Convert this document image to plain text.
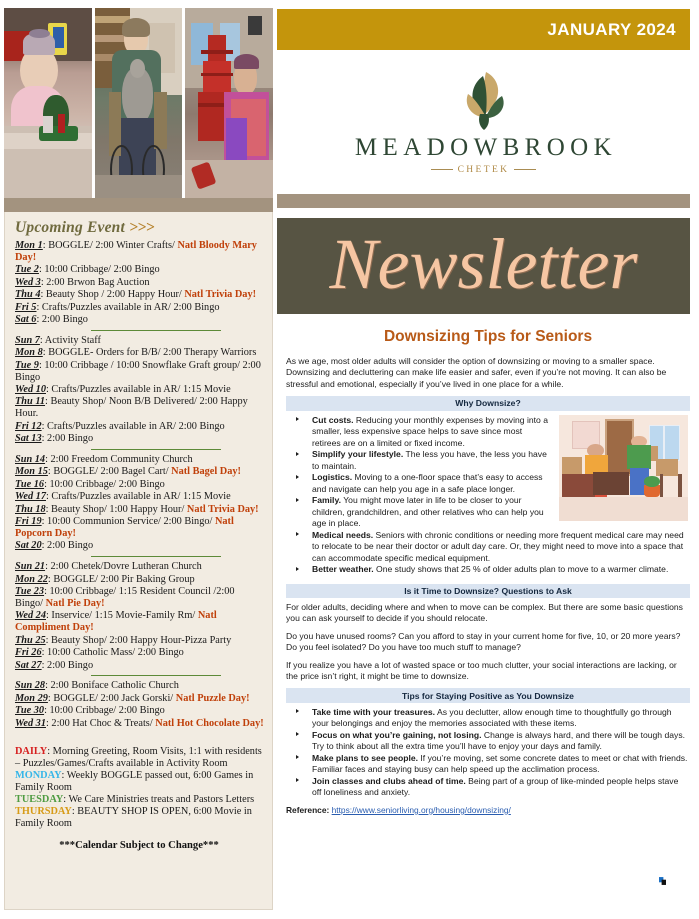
Upcoming Event >>>
Mon 1: BOGGLE/ 2:00 Winter Crafts/ Natl Bloody Mary Day!
Tue 2: 10:00 Cribbage/ 2:00 Bingo
Wed 3: 2:00 Brwon Bag Auction
Thu 4: Beauty Shop / 2:00 Happy Hour/ Natl Trivia Day!
Fri 5: Crafts/Puzzles available in AR/ 2:00 Bingo
Sat 6: 2:00 Bingo
Sun 7: Activity Staff
Mon 8: BOGGLE- Orders for B/B/ 2:00 Therapy Warriors
Tue 9: 10:00 Cribbage / 10:00 Snowflake Graft group/ 2:00 Bingo
Wed 10: Crafts/Puzzles available in AR/ 1:15 Movie
Thu 11: Beauty Shop/ Noon B/B Delivered/ 2:00 Happy Hour.
Fri 12: Crafts/Puzzles available in AR/ 2:00 Bingo
Sat 13: 2:00 Bingo
Sun 14: 2:00 Freedom Community Church
Mon 15: BOGGLE/ 2:00 Bagel Cart/ Natl Bagel Day!
Tue 16: 10:00 Cribbage/ 2:00 Bingo
Wed 17: Crafts/Puzzles available in AR/ 1:15 Movie
Thu 18: Beauty Shop/ 1:00 Happy Hour/ Natl Trivia Day!
Fri 19: 10:00 Communion Service/ 2:00 Bingo/ Natl Popcorn Day!
Sat 20: 2:00 Bingo
Sun 21: 2:00 Chetek/Dovre Lutheran Church
Mon 22: BOGGLE/ 2:00 Pir Baking Group
Tue 23: 10:00 Cribbage/ 1:15 Resident Council /2:00 Bingo/ Natl Pie Day!
Wed 24: Inservice/ 1:15 Movie-Family Rm/ Natl Compliment Day!
Thu 25: Beauty Shop/ 2:00 Happy Hour-Pizza Party
Fri 26: 10:00 Catholic Mass/ 2:00 Bingo
Sat 27: 2:00 Bingo
Sun 28: 2:00 Boniface Catholic Church
Mon 29: BOGGLE/ 2:00 Jack Gorski/ Natl Puzzle Day!
Tue 30: 10:00 Cribbage/ 2:00 Bingo
Wed 31: 2:00 Hat Choc & Treats/ Natl Hot Chocolate Day!
DAILY: Morning Greeting, Room Visits, 1:1 with residents – Puzzles/Games/Crafts available in Activity Room
MONDAY: Weekly BOGGLE passed out, 6:00 Games in Family Room
TUESDAY: We Care Ministries treats and Pastors Letters
THURSDAY: BEAUTY SHOP IS OPEN, 6:00 Movie in Family Room
***Calendar Subject to Change***
JANUARY 2024
MEADOWBROOK
CHETEK
Newsletter
Downsizing Tips for Seniors
As we age, most older adults will consider the option of downsizing or moving to a smaller space. Downsizing and decluttering can make life easier and safer, even if you’re not moving. It can also be stressful and emotional, especially if you’ve lived in one place for a while.
Why Downsize?
Cut costs. Reducing your monthly expenses by moving into a smaller, less expensive space helps to save since most retirees are on a limited or fixed income.
Simplify your lifestyle. The less you have, the less you have to maintain.
Logistics. Moving to a one-floor space that’s easy to access and navigate can help you age in a safe place longer.
Family. You might move later in life to be closer to your children, grandchildren, and other relatives who can help you age in place.
Medical needs. Seniors with chronic conditions or needing more frequent medical care may need to relocate to be near their doctor or adult day care. Or, they might need to move into a space that can accommodate specific medical equipment.
Better weather. One study shows that 25 % of older adults plan to move to a warmer climate.
Is it Time to Downsize? Questions to Ask
For older adults, deciding where and when to move can be complex. But there are some basic questions you can ask yourself to decide if you should relocate.
Do you have unused rooms? Can you afford to stay in your current home for five, 10, or 20 more years? Do you feel isolated? Do you have too much stuff to manage?
If you realize you have a lot of wasted space or too much clutter, your social interactions are lacking, or the price isn’t right, it might be time to downsize.
Tips for Staying Positive as You Downsize
Take time with your treasures. As you declutter, allow enough time to thoughtfully go through your belongings and enjoy the memories associated with these items.
Focus on what you’re gaining, not losing. Change is always hard, and there will be tough days. Try to think about all the extra time you’ll have to enjoy your days and family.
Make plans to see people. If you’re moving, set some concrete dates to meet or chat with friends. Familiar faces and staying busy can help speed up the acclimation process.
Join classes and clubs ahead of time. Being part of a group of like-minded people helps stave off loneliness and anxiety.
Reference: https://www.seniorliving.org/housing/downsizing/
